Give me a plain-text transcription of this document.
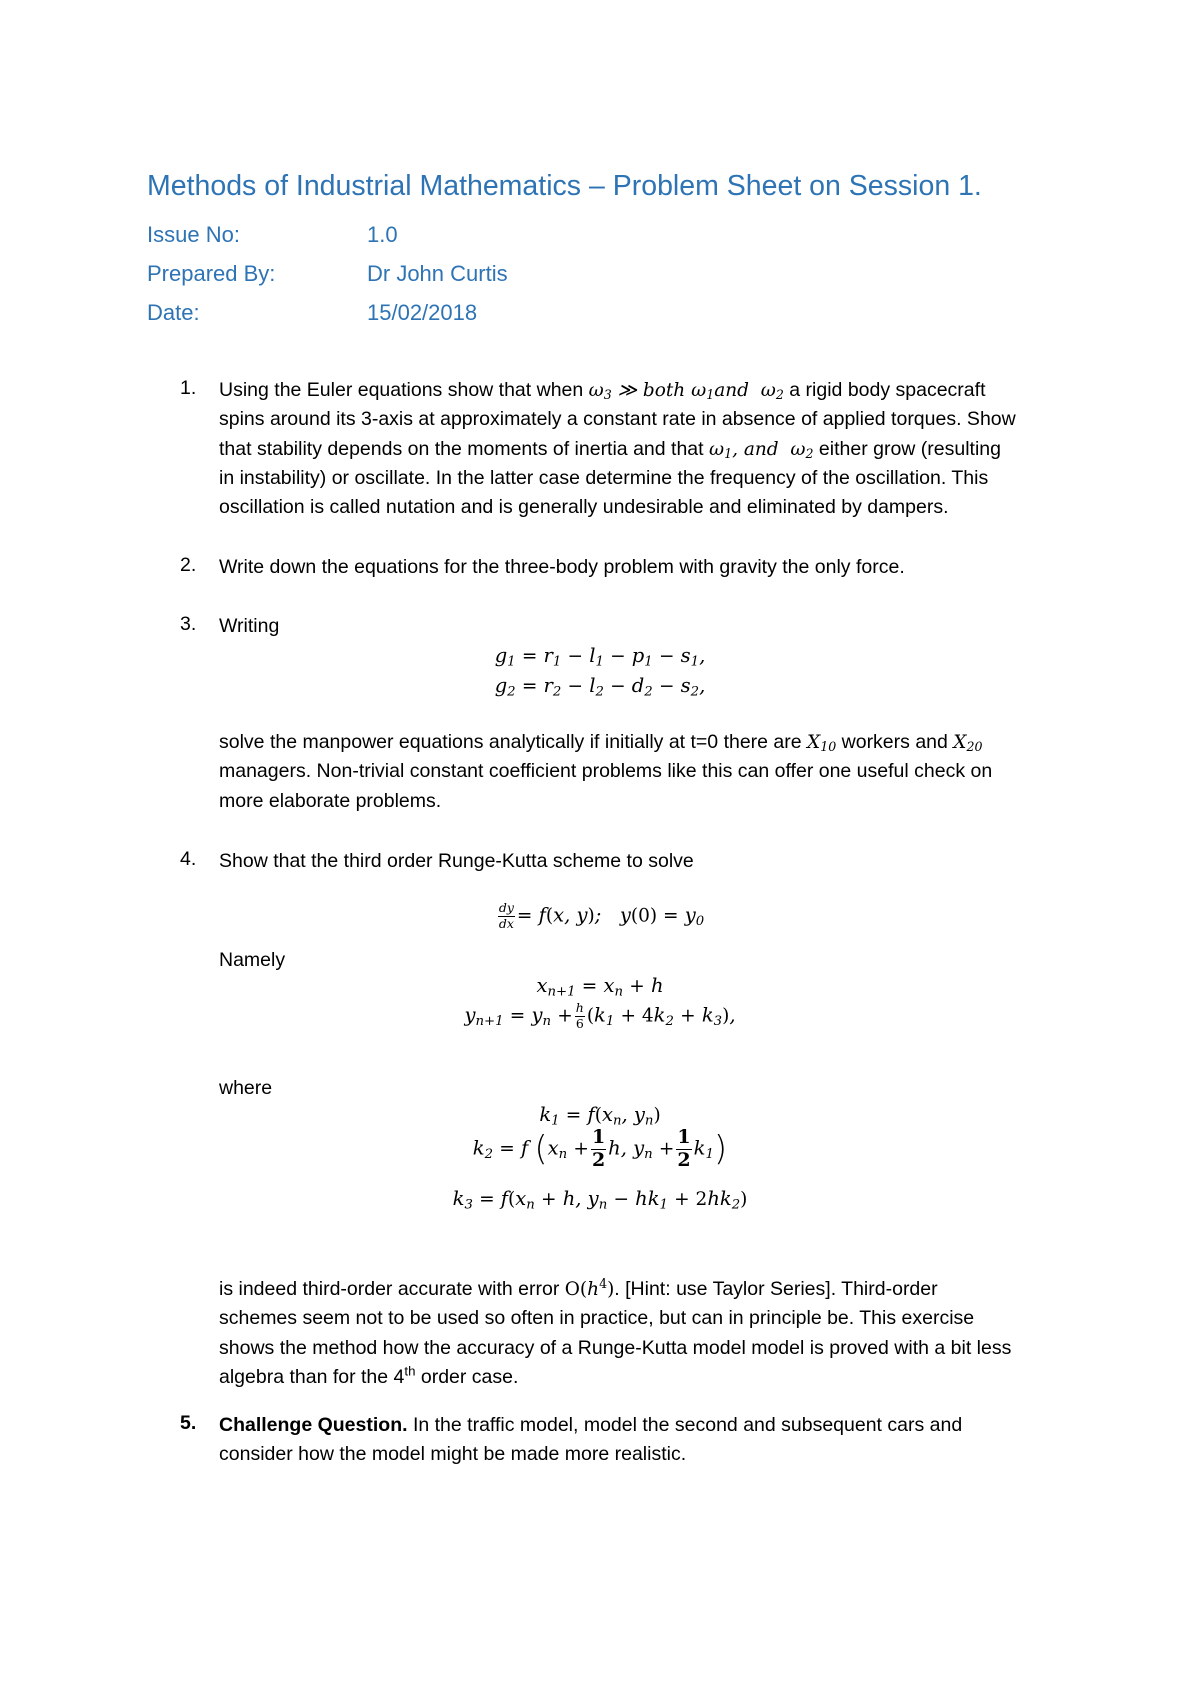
Methods of Industrial Mathematics – Problem Sheet on Session 1.
Issue No:	1.0
Prepared By:	Dr John Curtis
Date:	15/02/2018
1. Using the Euler equations show that when $\omega_3$ ≫ both $\omega_1and$  $\omega_2$ a rigid body spacecraft
spins around its 3-axis at approximately a constant rate in absence of applied torques. Show
that stability depends on the moments of inertia and that $\omega_1$, and  $\omega_2$ either grow (resulting
in instability) or oscillate. In the latter case determine the frequency of the oscillation. This
oscillation is called nutation and is generally undesirable and eliminated by dampers.
2. Write down the equations for the three-body problem with gravity the only force.
3. Writing
$g_1 = r_1 - l_1 - p_1 - s_1$,
$g_2 = r_2 - l_2 - d_2 - s_2$,
solve the manpower equations analytically if initially at t=0 there are $X_{10}$ workers and $X_{20}$
managers. Non-trivial constant coefficient problems like this can offer one useful check on
more elaborate problems.
4. Show that the third order Runge-Kutta scheme to solve
$\frac{dy}{dx} = f(x$, y);   $y(0) = y_0$
Namely
$x_{n+1} = x_n + h$
$y_{n+1} = y_n + \frac{h}{6} (k_1 + 4k_2 + k_3)$,
where
$k_1 = f(x_n$, $y_n$)
$k_2 = f$ ($x_n + \frac{1}{2} h$, $y_n + \frac{1}{2} k_1$)
$k_3 = f(x_n + h$, $y_n - hk_1 + 2hk_2$)
is indeed third-order accurate with error $O(h^4)$. [Hint: use Taylor Series]. Third-order
schemes seem not to be used so often in practice, but can in principle be. This exercise
shows the method how the accuracy of a Runge-Kutta model model is proved with a bit less
algebra than for the 4th order case.
5. Challenge Question. In the traffic model, model the second and subsequent cars and
consider how the model might be made more realistic.
